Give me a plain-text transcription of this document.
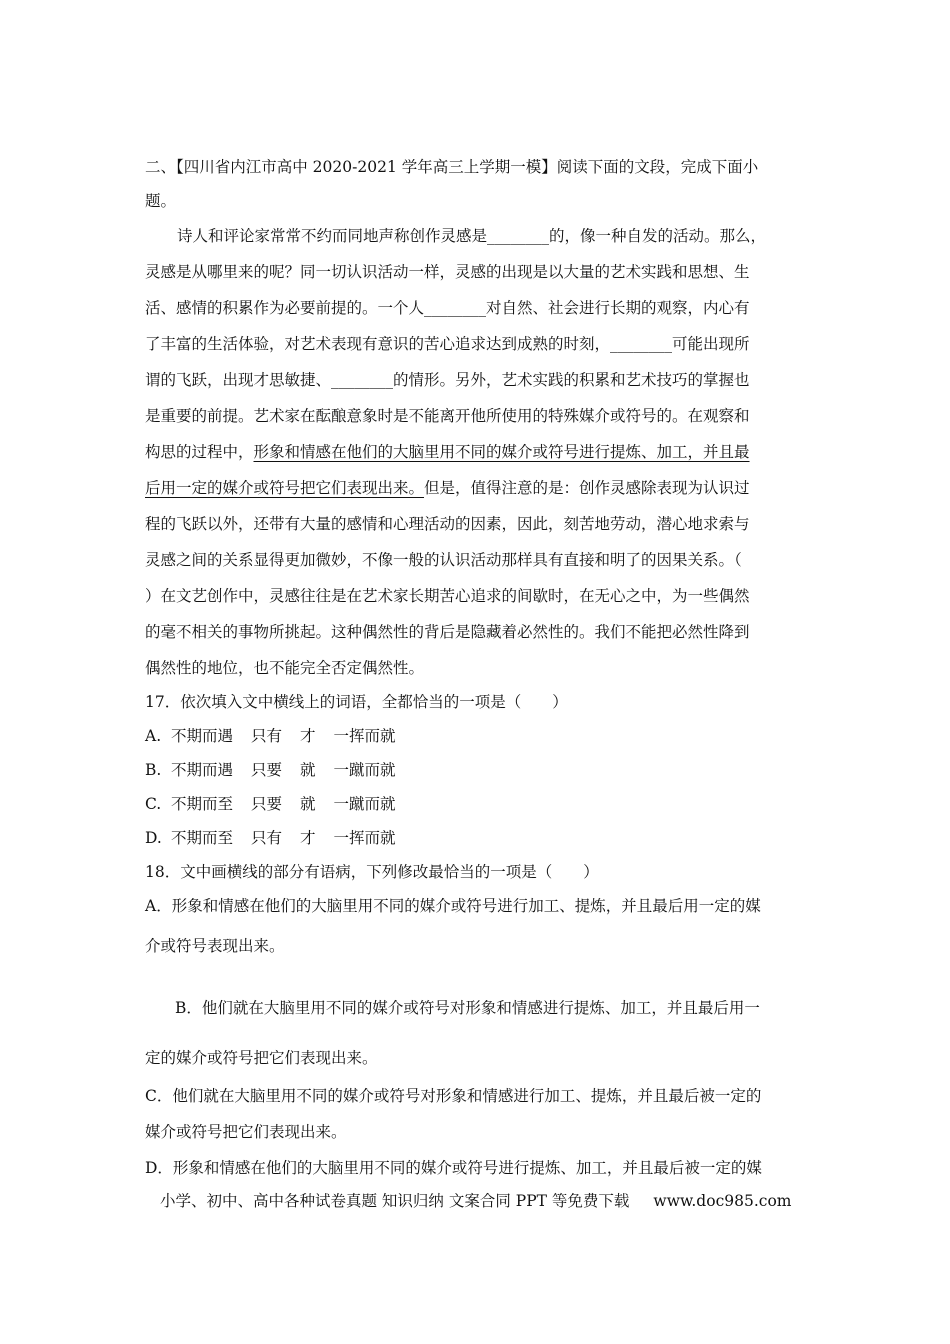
二、【四川省内江市高中 2020-2021 学年高三上学期一模】阅读下面的文段，完成下面小
题。
诗人和评论家常常不约而同地声称创作灵感是________的，像一种自发的活动。那么，
灵感是从哪里来的呢？同一切认识活动一样，灵感的出现是以大量的艺术实践和思想、生
活、感情的积累作为必要前提的。一个人________对自然、社会进行长期的观察，内心有
了丰富的生活体验，对艺术表现有意识的苦心追求达到成熟的时刻，________可能出现所
谓的飞跃，出现才思敏捷、________的情形。另外，艺术实践的积累和艺术技巧的掌握也
是重要的前提。艺术家在酝酿意象时是不能离开他所使用的特殊媒介或符号的。在观察和
构思的过程中，形象和情感在他们的大脑里用不同的媒介或符号进行提炼、加工，并且最
后用一定的媒介或符号把它们表现出来。但是，值得注意的是：创作灵感除表现为认识过
程的飞跃以外，还带有大量的感情和心理活动的因素，因此，刻苦地劳动，潜心地求索与
灵感之间的关系显得更加微妙，不像一般的认识活动那样具有直接和明了的因果关系。（
）在文艺创作中，灵感往往是在艺术家长期苦心追求的间歇时，在无心之中，为一些偶然
的毫不相关的事物所挑起。这种偶然性的背后是隐藏着必然性的。我们不能把必然性降到
偶然性的地位，也不能完全否定偶然性。
17．依次填入文中横线上的词语，全都恰当的一项是（　　）
A. 不期而遇 只有 才 一挥而就
B. 不期而遇 只要 就 一蹴而就
C. 不期而至 只要 就 一蹴而就
D. 不期而至 只有 才 一挥而就
18．文中画横线的部分有语病，下列修改最恰当的一项是（　　）
A．形象和情感在他们的大脑里用不同的媒介或符号进行加工、提炼，并且最后用一定的媒
介或符号表现出来。
B．他们就在大脑里用不同的媒介或符号对形象和情感进行提炼、加工，并且最后用一
定的媒介或符号把它们表现出来。
C．他们就在大脑里用不同的媒介或符号对形象和情感进行加工、提炼，并且最后被一定的
媒介或符号把它们表现出来。
D．形象和情感在他们的大脑里用不同的媒介或符号进行提炼、加工，并且最后被一定的媒
小学、初中、高中各种试卷真题 知识归纳 文案合同 PPT 等免费下载 www.doc985.com
